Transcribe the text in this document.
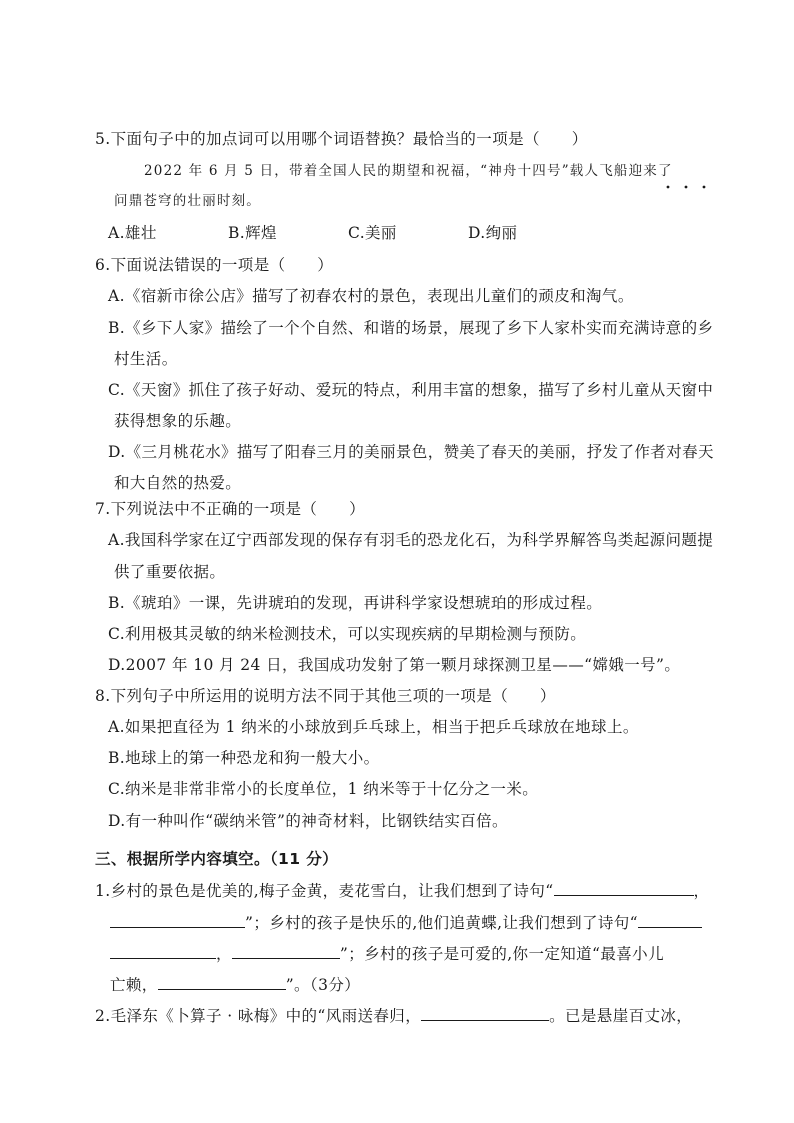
5.下面句子中的加点词可以用哪个词语替换？最恰当的一项是（　　）
2022 年 6 月 5 日，带着全国人民的期望和祝福，“神舟十四号”载人飞船迎来了
问鼎苍穹的壮丽时刻。
A.雄壮	B.辉煌	C.美丽	D.绚丽
6.下面说法错误的一项是（　　）
A.《宿新市徐公店》描写了初春农村的景色，表现出儿童们的顽皮和淘气。
B.《乡下人家》描绘了一个个自然、和谐的场景，展现了乡下人家朴实而充满诗意的乡
村生活。
C.《天窗》抓住了孩子好动、爱玩的特点，利用丰富的想象，描写了乡村儿童从天窗中
获得想象的乐趣。
D.《三月桃花水》描写了阳春三月的美丽景色，赞美了春天的美丽，抒发了作者对春天
和大自然的热爱。
7.下列说法中不正确的一项是（　　）
A.我国科学家在辽宁西部发现的保存有羽毛的恐龙化石，为科学界解答鸟类起源问题提
供了重要依据。
B.《琥珀》一课，先讲琥珀的发现，再讲科学家设想琥珀的形成过程。
C.利用极其灵敏的纳米检测技术，可以实现疾病的早期检测与预防。
D.2007 年 10 月 24 日，我国成功发射了第一颗月球探测卫星——“嫦娥一号”。
8.下列句子中所运用的说明方法不同于其他三项的一项是（　　）
A.如果把直径为 1 纳米的小球放到乒乓球上，相当于把乒乓球放在地球上。
B.地球上的第一种恐龙和狗一般大小。
C.纳米是非常非常小的长度单位，1 纳米等于十亿分之一米。
D.有一种叫作“碳纳米管”的神奇材料，比钢铁结实百倍。
三、根据所学内容填空。（11 分）
1.乡村的景色是优美的,梅子金黄，麦花雪白，让我们想到了诗句“	，
”；乡村的孩子是快乐的,他们追黄蝶,让我们想到了诗句“
，	”；乡村的孩子是可爱的,你一定知道“最喜小儿
亡赖，	”。（3分）
2.毛泽东《卜算子 · 咏梅》中的“风雨送春归，	。已是悬崖百丈冰，
